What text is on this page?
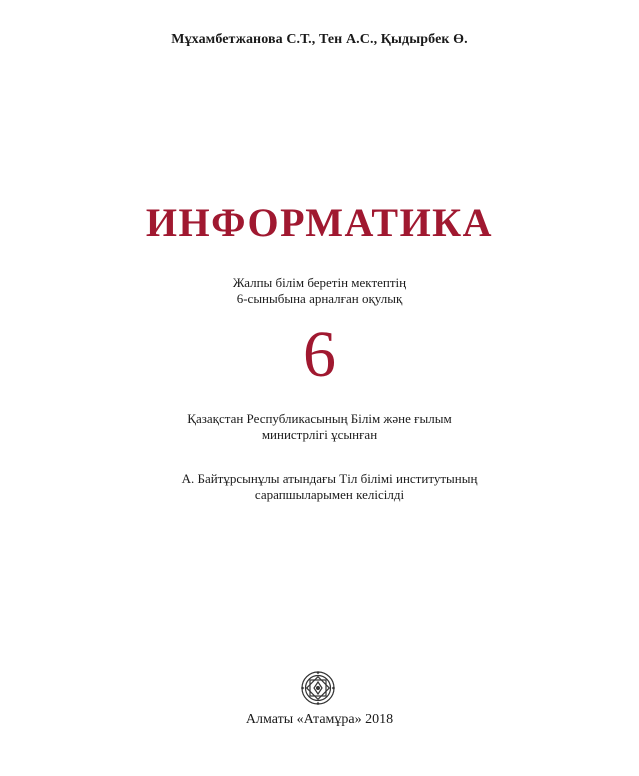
Мұхамбетжанова С.Т., Тен А.С., Қыдырбек Ө.

ИНФОРМАТИКА
Жалпы білім беретін мектептің
6-сыныбына арналған оқулық
6
Қазақстан Республикасының Білім және ғылым
министрлігі ұсынған
А. Байтұрсынұлы атындағы Тіл білімі институтының
сарапшыларымен келісілді

Алматы «Атамұра» 2018
